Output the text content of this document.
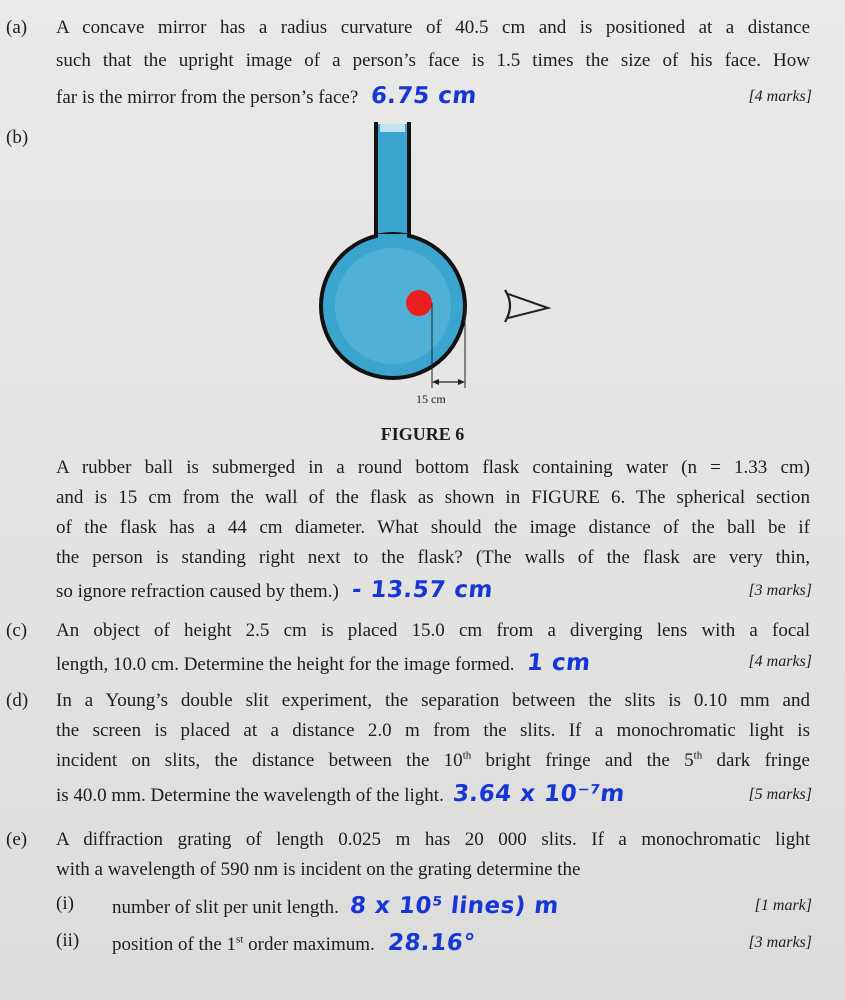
(a) A concave mirror has a radius curvature of 40.5 cm and is positioned at a distance
such that the upright image of a person’s face is 1.5 times the size of his face. How
far is the mirror from the person’s face? 6.75 cm	[4 marks]
(b)
15 cm
FIGURE 6
A rubber ball is submerged in a round bottom flask containing water (n = 1.33 cm)
and is 15 cm from the wall of the flask as shown in FIGURE 6. The spherical section
of the flask has a 44 cm diameter. What should the image distance of the ball be if
the person is standing right next to the flask? (The walls of the flask are very thin,
so ignore refraction caused by them.) - 13.57 cm	[3 marks]
(c) An object of height 2.5 cm is placed 15.0 cm from a diverging lens with a focal
length, 10.0 cm. Determine the height for the image formed. 1 cm	[4 marks]
(d) In a Young’s double slit experiment, the separation between the slits is 0.10 mm and
the screen is placed at a distance 2.0 m from the slits. If a monochromatic light is
incident on slits, the distance between the 10th bright fringe and the 5th dark fringe
is 40.0 mm. Determine the wavelength of the light. 3.64 x 10⁻⁷m	[5 marks]
(e) A diffraction grating of length 0.025 m has 20 000 slits. If a monochromatic light
with a wavelength of 590 nm is incident on the grating determine the
(i) number of slit per unit length. 8 x 10⁵ lines) m	[1 mark]
(ii) position of the 1st order maximum. 28.16°	[3 marks]
